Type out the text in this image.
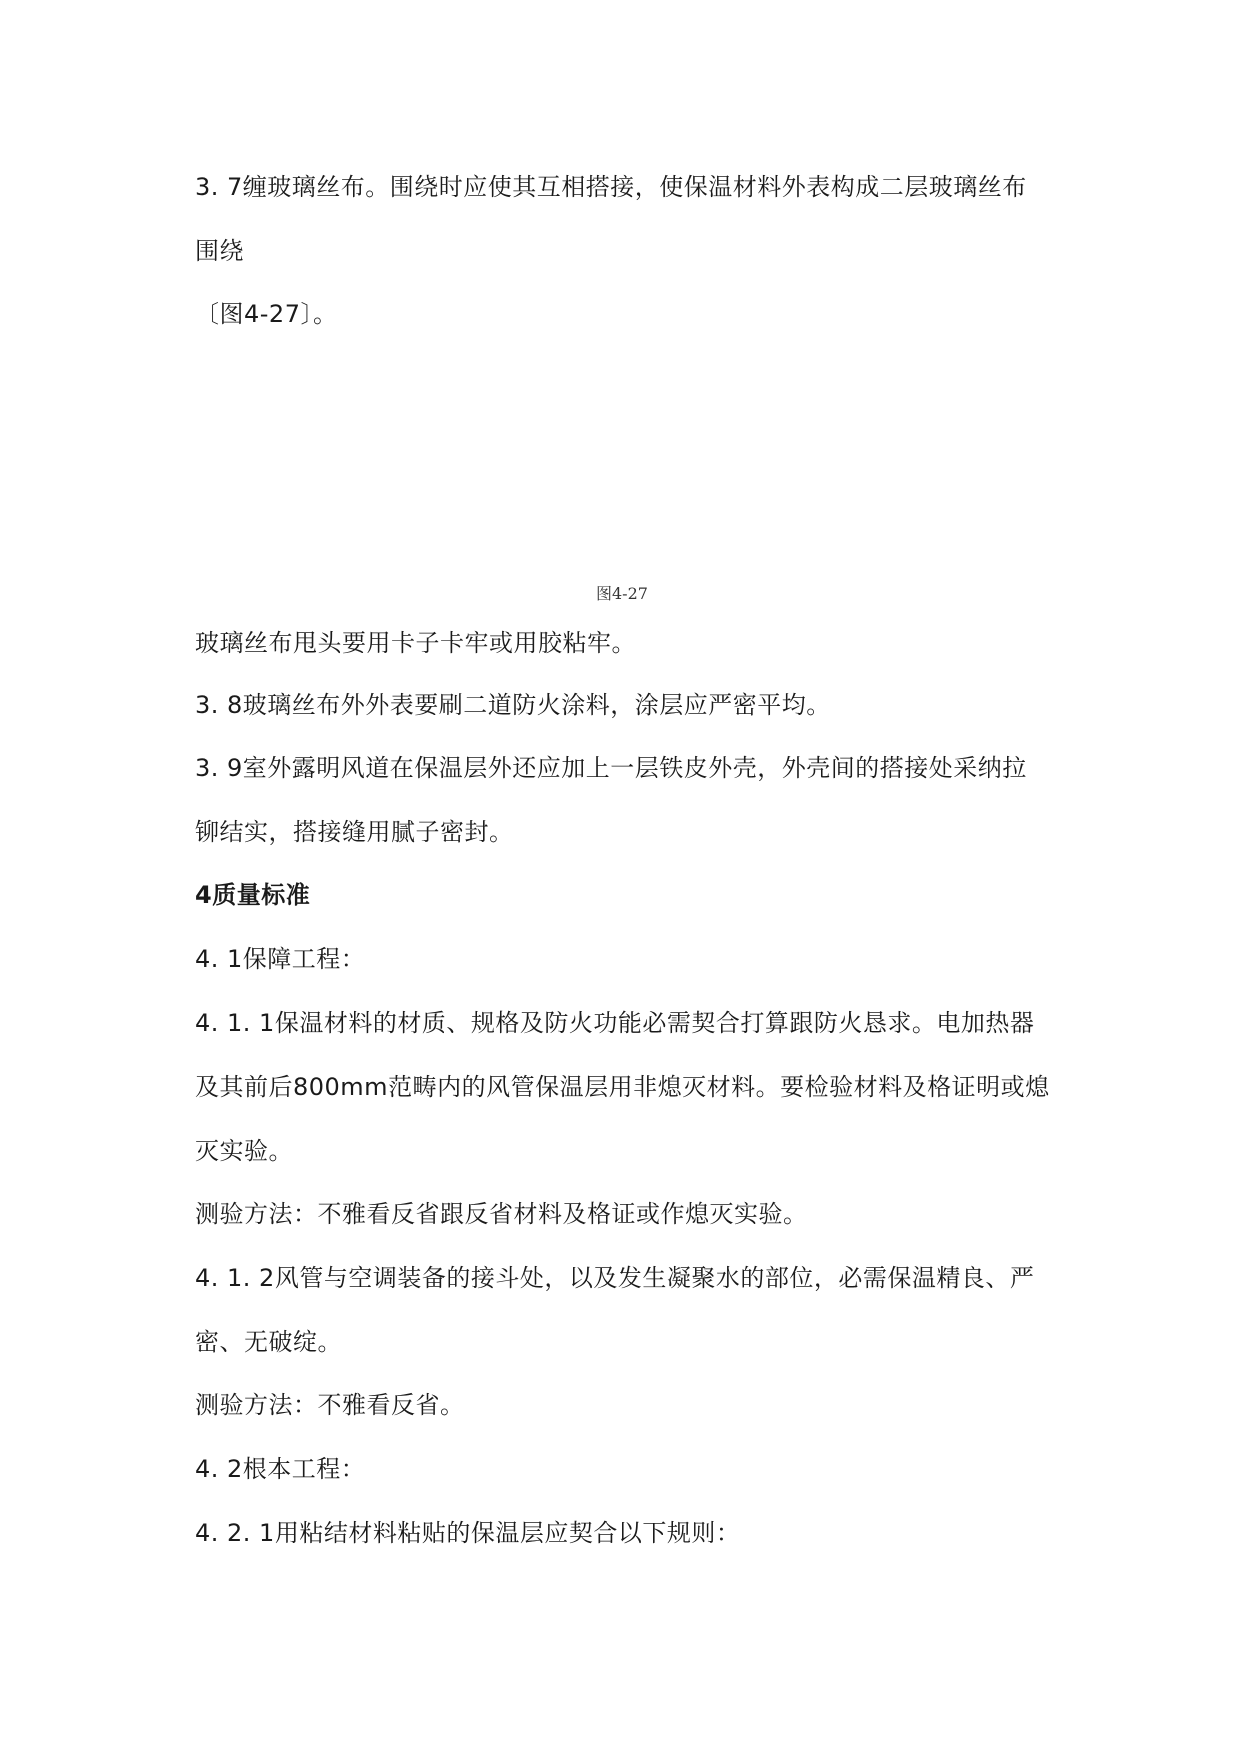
3. 7缠玻璃丝布。围绕时应使其互相搭接，使保温材料外表构成二层玻璃丝布
围绕
〔图4-27〕。
图4-27
玻璃丝布甩头要用卡子卡牢或用胶粘牢。
3. 8玻璃丝布外外表要刷二道防火涂料，涂层应严密平均。
3. 9室外露明风道在保温层外还应加上一层铁皮外壳，外壳间的搭接处采纳拉
铆结实，搭接缝用腻子密封。
4质量标准
4. 1保障工程：
4. 1. 1保温材料的材质、规格及防火功能必需契合打算跟防火恳求。电加热器
及其前后800mm范畴内的风管保温层用非熄灭材料。要检验材料及格证明或熄
灭实验。
测验方法：不雅看反省跟反省材料及格证或作熄灭实验。
4. 1. 2风管与空调装备的接斗处，以及发生凝聚水的部位，必需保温精良、严
密、无破绽。
测验方法：不雅看反省。
4. 2根本工程：
4. 2. 1用粘结材料粘贴的保温层应契合以下规则：
